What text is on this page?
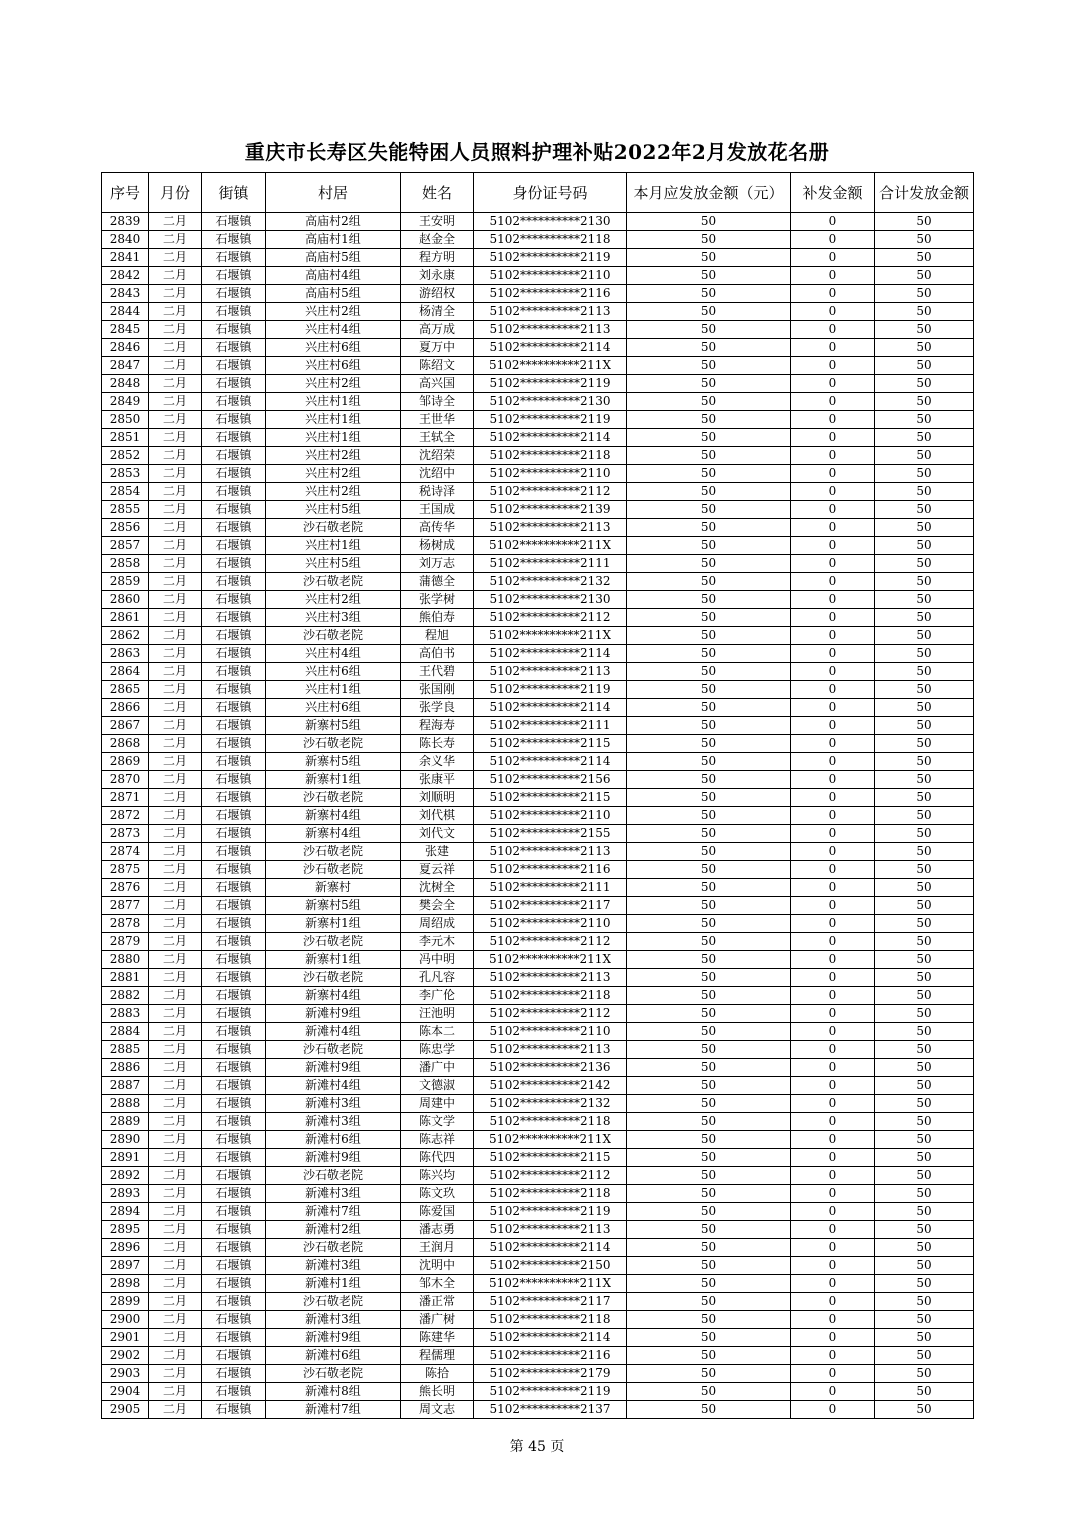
重庆市长寿区失能特困人员照料护理补贴2022年2月发放花名册
序号	月份	街镇	村居	姓名	身份证号码	本月应发放金额（元）	补发金额	合计发放金额
2839	二月	石堰镇	高庙村2组	王安明	5102**********2130	50	0	50
2840	二月	石堰镇	高庙村1组	赵金全	5102**********2118	50	0	50
2841	二月	石堰镇	高庙村5组	程方明	5102**********2119	50	0	50
2842	二月	石堰镇	高庙村4组	刘永康	5102**********2110	50	0	50
2843	二月	石堰镇	高庙村5组	游绍权	5102**********2116	50	0	50
2844	二月	石堰镇	兴庄村2组	杨清全	5102**********2113	50	0	50
2845	二月	石堰镇	兴庄村4组	高万成	5102**********2113	50	0	50
2846	二月	石堰镇	兴庄村6组	夏万中	5102**********2114	50	0	50
2847	二月	石堰镇	兴庄村6组	陈绍文	5102**********211X	50	0	50
2848	二月	石堰镇	兴庄村2组	高兴国	5102**********2119	50	0	50
2849	二月	石堰镇	兴庄村1组	邹诗全	5102**********2130	50	0	50
2850	二月	石堰镇	兴庄村1组	王世华	5102**********2119	50	0	50
2851	二月	石堰镇	兴庄村1组	王轼全	5102**********2114	50	0	50
2852	二月	石堰镇	兴庄村2组	沈绍荣	5102**********2118	50	0	50
2853	二月	石堰镇	兴庄村2组	沈绍中	5102**********2110	50	0	50
2854	二月	石堰镇	兴庄村2组	税诗泽	5102**********2112	50	0	50
2855	二月	石堰镇	兴庄村5组	王国成	5102**********2139	50	0	50
2856	二月	石堰镇	沙石敬老院	高传华	5102**********2113	50	0	50
2857	二月	石堰镇	兴庄村1组	杨树成	5102**********211X	50	0	50
2858	二月	石堰镇	兴庄村5组	刘万志	5102**********2111	50	0	50
2859	二月	石堰镇	沙石敬老院	蒲德全	5102**********2132	50	0	50
2860	二月	石堰镇	兴庄村2组	张学树	5102**********2130	50	0	50
2861	二月	石堰镇	兴庄村3组	熊伯寿	5102**********2112	50	0	50
2862	二月	石堰镇	沙石敬老院	程旭	5102**********211X	50	0	50
2863	二月	石堰镇	兴庄村4组	高伯书	5102**********2114	50	0	50
2864	二月	石堰镇	兴庄村6组	王代碧	5102**********2113	50	0	50
2865	二月	石堰镇	兴庄村1组	张国刚	5102**********2119	50	0	50
2866	二月	石堰镇	兴庄村6组	张学良	5102**********2114	50	0	50
2867	二月	石堰镇	新寨村5组	程海寿	5102**********2111	50	0	50
2868	二月	石堰镇	沙石敬老院	陈长寿	5102**********2115	50	0	50
2869	二月	石堰镇	新寨村5组	余义华	5102**********2114	50	0	50
2870	二月	石堰镇	新寨村1组	张康平	5102**********2156	50	0	50
2871	二月	石堰镇	沙石敬老院	刘顺明	5102**********2115	50	0	50
2872	二月	石堰镇	新寨村4组	刘代棋	5102**********2110	50	0	50
2873	二月	石堰镇	新寨村4组	刘代文	5102**********2155	50	0	50
2874	二月	石堰镇	沙石敬老院	张建	5102**********2113	50	0	50
2875	二月	石堰镇	沙石敬老院	夏云祥	5102**********2116	50	0	50
2876	二月	石堰镇	新寨村	沈树全	5102**********2111	50	0	50
2877	二月	石堰镇	新寨村5组	樊会全	5102**********2117	50	0	50
2878	二月	石堰镇	新寨村1组	周绍成	5102**********2110	50	0	50
2879	二月	石堰镇	沙石敬老院	李元木	5102**********2112	50	0	50
2880	二月	石堰镇	新寨村1组	冯中明	5102**********211X	50	0	50
2881	二月	石堰镇	沙石敬老院	孔凡容	5102**********2113	50	0	50
2882	二月	石堰镇	新寨村4组	李广伦	5102**********2118	50	0	50
2883	二月	石堰镇	新滩村9组	汪池明	5102**********2112	50	0	50
2884	二月	石堰镇	新滩村4组	陈本二	5102**********2110	50	0	50
2885	二月	石堰镇	沙石敬老院	陈忠学	5102**********2113	50	0	50
2886	二月	石堰镇	新滩村9组	潘广中	5102**********2136	50	0	50
2887	二月	石堰镇	新滩村4组	文德淑	5102**********2142	50	0	50
2888	二月	石堰镇	新滩村3组	周建中	5102**********2132	50	0	50
2889	二月	石堰镇	新滩村3组	陈文学	5102**********2118	50	0	50
2890	二月	石堰镇	新滩村6组	陈志祥	5102**********211X	50	0	50
2891	二月	石堰镇	新滩村9组	陈代四	5102**********2115	50	0	50
2892	二月	石堰镇	沙石敬老院	陈兴均	5102**********2112	50	0	50
2893	二月	石堰镇	新滩村3组	陈文玖	5102**********2118	50	0	50
2894	二月	石堰镇	新滩村7组	陈爱国	5102**********2119	50	0	50
2895	二月	石堰镇	新滩村2组	潘志勇	5102**********2113	50	0	50
2896	二月	石堰镇	沙石敬老院	王润月	5102**********2114	50	0	50
2897	二月	石堰镇	新滩村3组	沈明中	5102**********2150	50	0	50
2898	二月	石堰镇	新滩村1组	邹木全	5102**********211X	50	0	50
2899	二月	石堰镇	沙石敬老院	潘正常	5102**********2117	50	0	50
2900	二月	石堰镇	新滩村3组	潘广树	5102**********2118	50	0	50
2901	二月	石堰镇	新滩村9组	陈建华	5102**********2114	50	0	50
2902	二月	石堰镇	新滩村6组	程儒理	5102**********2116	50	0	50
2903	二月	石堰镇	沙石敬老院	陈拾	5102**********2179	50	0	50
2904	二月	石堰镇	新滩村8组	熊长明	5102**********2119	50	0	50
2905	二月	石堰镇	新滩村7组	周文志	5102**********2137	50	0	50
第 45 页
